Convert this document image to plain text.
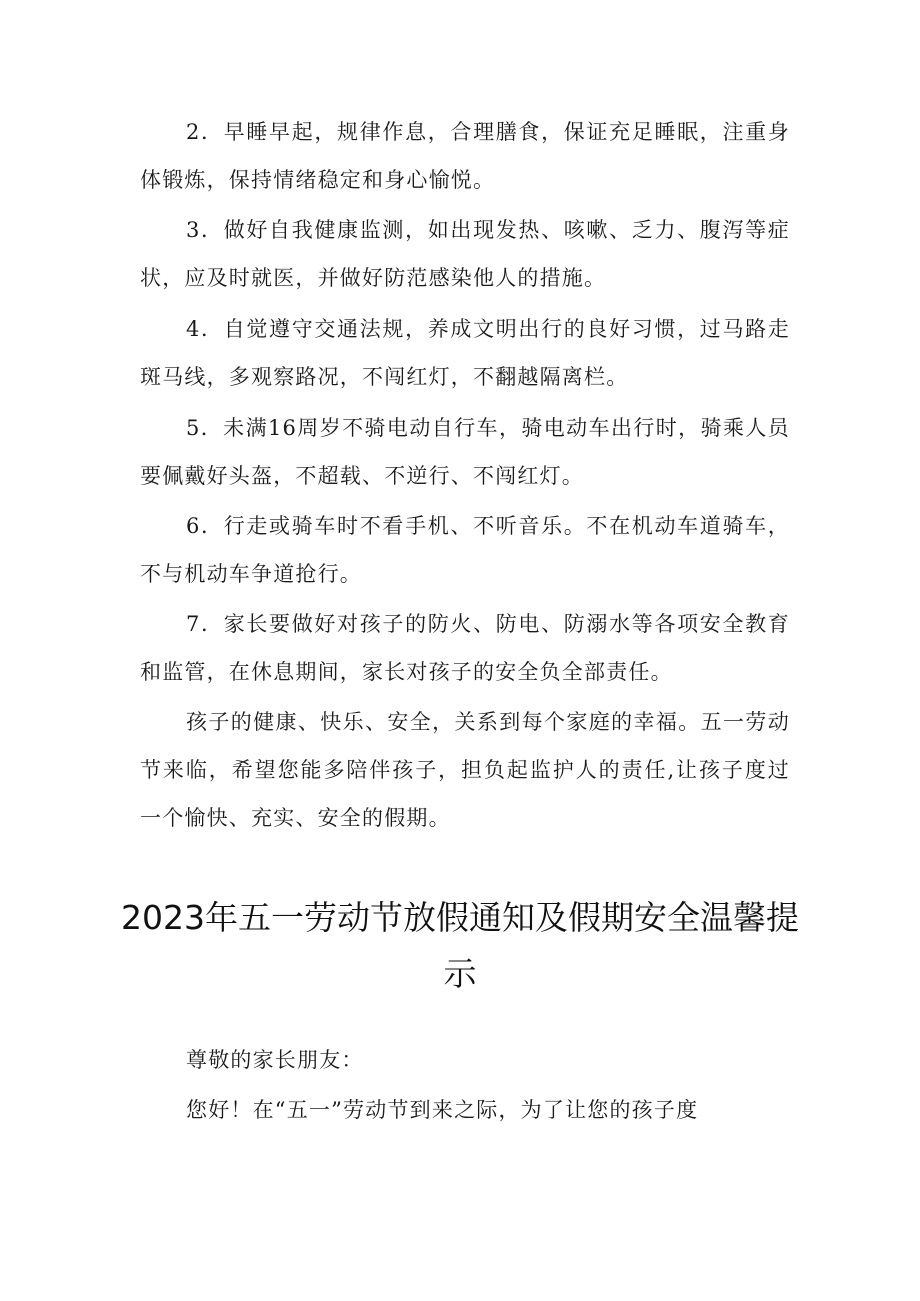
2．早睡早起，规律作息，合理膳食，保证充足睡眠，注重身体锻炼，保持情绪稳定和身心愉悦。

3．做好自我健康监测，如出现发热、咳嗽、乏力、腹泻等症状，应及时就医，并做好防范感染他人的措施。

4．自觉遵守交通法规，养成文明出行的良好习惯，过马路走斑马线，多观察路况，不闯红灯，不翻越隔离栏。

5．未满16周岁不骑电动自行车，骑电动车出行时，骑乘人员要佩戴好头盔，不超载、不逆行、不闯红灯。

6．行走或骑车时不看手机、不听音乐。不在机动车道骑车，不与机动车争道抢行。

7．家长要做好对孩子的防火、防电、防溺水等各项安全教育和监管，在休息期间，家长对孩子的安全负全部责任。

孩子的健康、快乐、安全，关系到每个家庭的幸福。五一劳动节来临，希望您能多陪伴孩子，担负起监护人的责任,让孩子度过一个愉快、充实、安全的假期。

2023年五一劳动节放假通知及假期安全温馨提示

尊敬的家长朋友：

您好！在“五一”劳动节到来之际，为了让您的孩子度
